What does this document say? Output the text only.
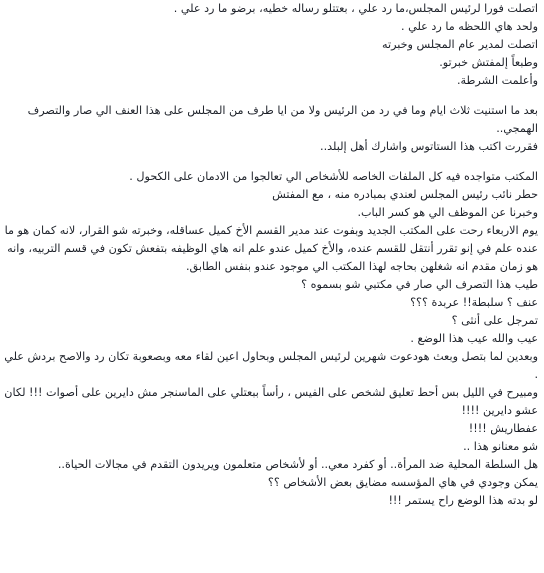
اتصلت فورا لرئيس المجلس،ما رد علي ، بعتتلو رساله خطيه، برضو ما رد علي .

ولحد هاي اللحظه ما رد علي .

اتصلت لمدير عام المجلس وخبرته

وطبعاً إلمفتش خبرتو.

وأعلمت الشرطة.

بعد ما استنيت ثلاث ايام وما في رد من الرئيس ولا من ايا طرف من المجلس على هذا العنف الي صار والتصرف الهمجي..

فقررت اكتب هذا الستاتوس واشارك أهل إلبلد..

المكتب متواجده فيه كل الملفات الخاصه للأشخاص الي تعالجوا من الادمان على الكحول .

حطر نائب رئيس المجلس لعندي بمبادره منه ، مع المفتش

وخبرنا عن الموظف الي هو كسر الباب.

يوم الاربعاء رحت على المكتب الجديد وبفوت عند مدير القسم الأخ كميل عساقله، وخبرته شو القرار، لانه كمان هو ما عنده علم في إنو تقرر أنتقل للقسم عنده، والأخ كميل عندو علم انه هاي الوظيفه بتفعش تكون في قسم التربيه، وانه هو زمان مقدم انه شغلهن بحاجه لهذا المكتب الي موجود عندو بنفس الطابق.

طيب هذا التصرف الي صار في مكتبي شو بسموه ؟

عنف ؟ سلبطة!! عربدة ؟؟؟

تمرجل على أنثى ؟

عيب والله عيب هذا الوضع .

وبعدين لما بتصل وبعث هودعوت شهرين لرئيس المجلس وبحاول اعين لقاء معه وبصعوبة تكان رد والاصح بردش علي .

ومبيرح في الليل بس أحط تعليق لشخص على الفيس ، رأساً ببعتلي على الماسنجر مش دايرين على أصوات !!! لكان عشو دايرين !!!!

عفطاريش !!!!

شو معنانو هذا ..

هل السلطة المحلية ضد المرأة.. أو كفرد معي.. أو لأشخاص متعلمون ويريدون التقدم في مجالات الحياة..

يمكن وجودي في هاي المؤسسه مضايق بعض الأشخاص ؟؟

لو بدته هذا الوضع راح يستمر !!!
